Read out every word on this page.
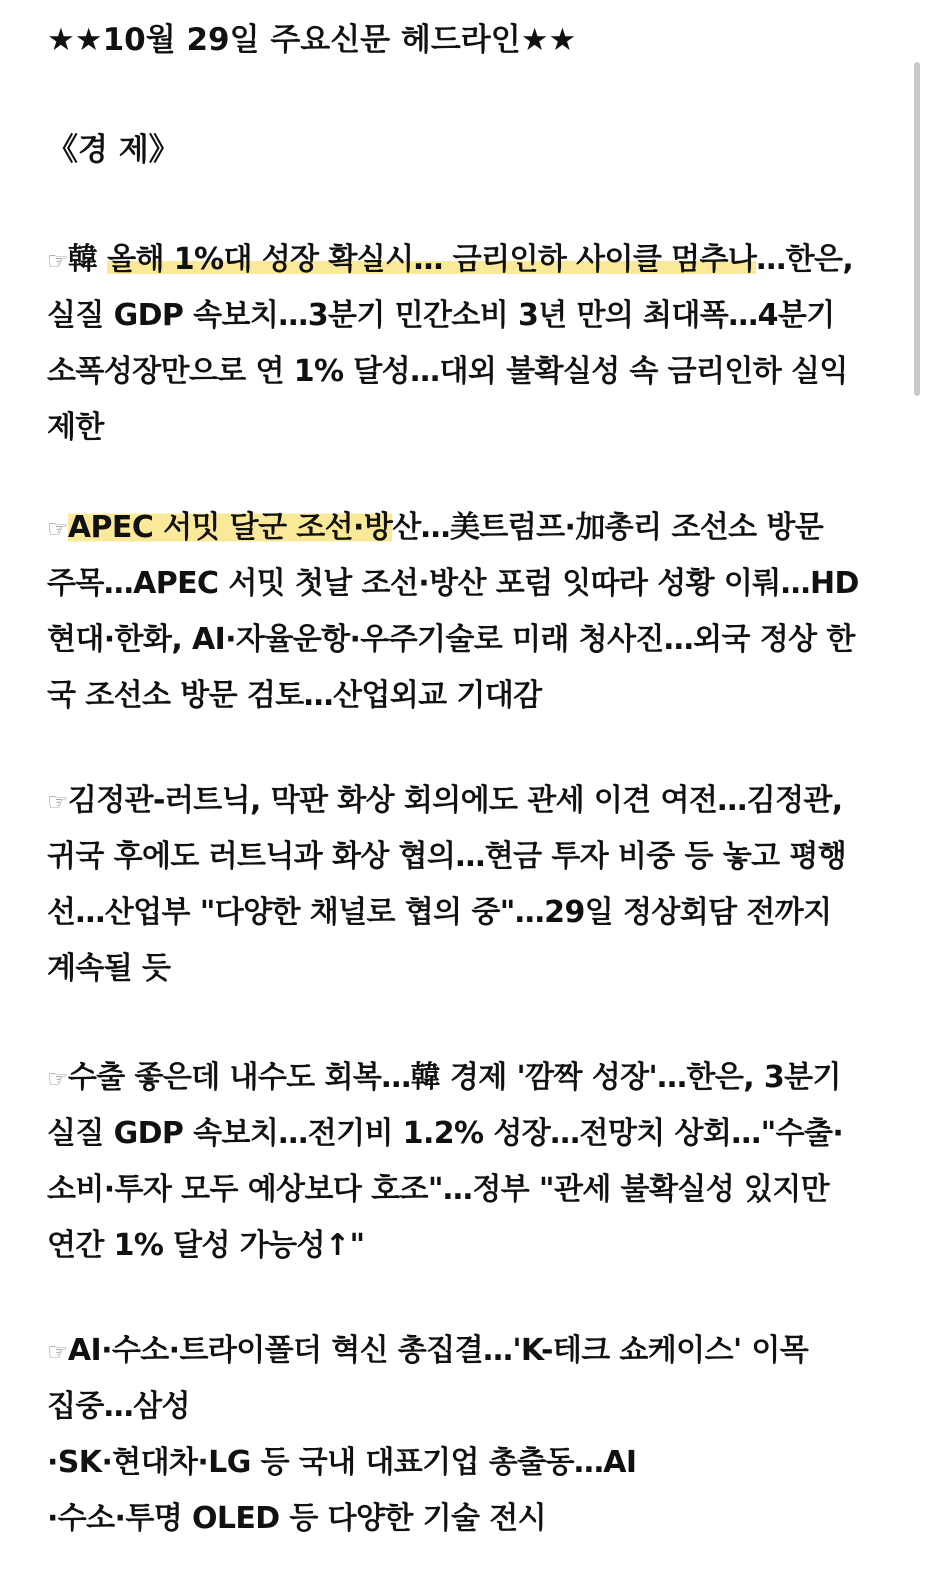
★★10월 29일 주요신문 헤드라인★★
《경 제》
☞韓 올해 1%대 성장 확실시… 금리인하 사이클 멈추나…한은,
실질 GDP 속보치…3분기 민간소비 3년 만의 최대폭…4분기
소폭성장만으로 연 1% 달성…대외 불확실성 속 금리인하 실익
제한
☞APEC 서밋 달군 조선·방산…美트럼프·加총리 조선소 방문
주목…APEC 서밋 첫날 조선·방산 포럼 잇따라 성황 이뤄…HD
현대·한화, AI·자율운항·우주기술로 미래 청사진…외국 정상 한
국 조선소 방문 검토…산업외교 기대감
☞김정관-러트닉, 막판 화상 회의에도 관세 이견 여전…김정관,
귀국 후에도 러트닉과 화상 협의…현금 투자 비중 등 놓고 평행
선…산업부 "다양한 채널로 협의 중"…29일 정상회담 전까지
계속될 듯
☞수출 좋은데 내수도 회복…韓 경제 '깜짝 성장'…한은, 3분기
실질 GDP 속보치…전기비 1.2% 성장…전망치 상회…"수출·
소비·투자 모두 예상보다 호조"…정부 "관세 불확실성 있지만
연간 1% 달성 가능성↑"
☞AI·수소·트라이폴더 혁신 총집결…'K-테크 쇼케이스' 이목
집중…삼성
·SK·현대차·LG 등 국내 대표기업 총출동…AI
·수소·투명 OLED 등 다양한 기술 전시
